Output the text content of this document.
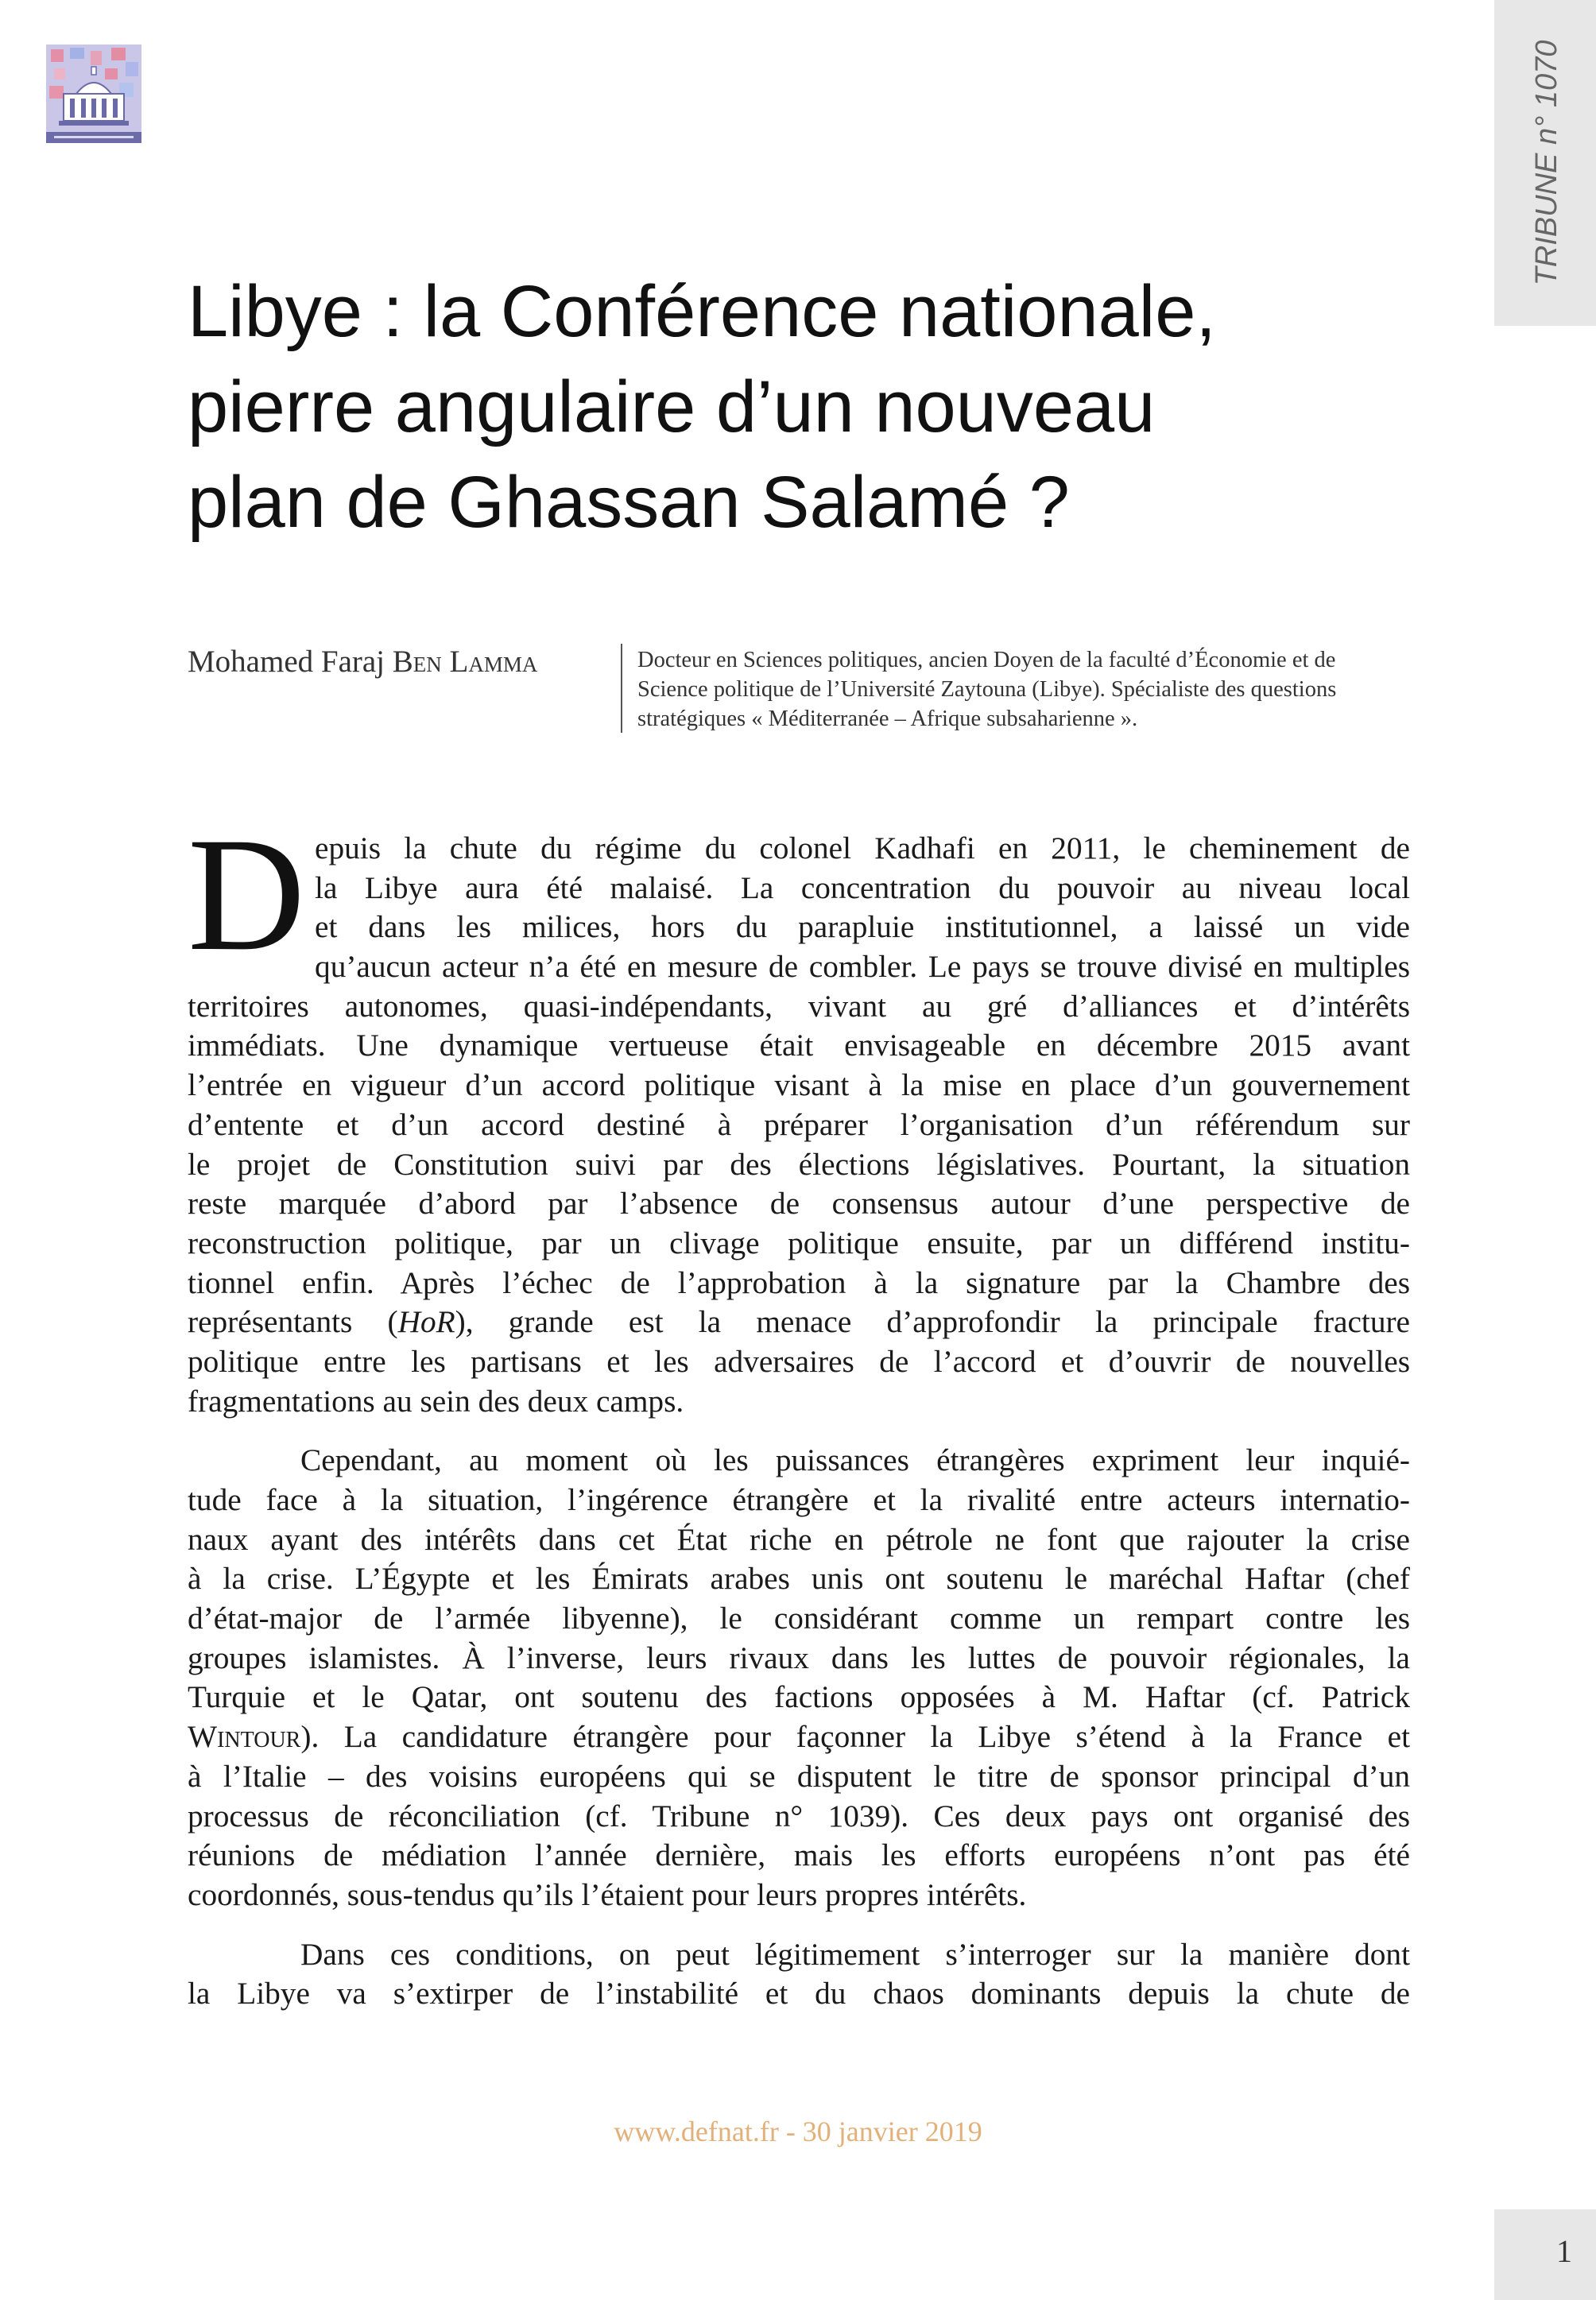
TRIBUNE n° 1070
Libye : la Conférence nationale,
pierre angulaire d’un nouveau
plan de Ghassan Salamé ?
Mohamed Faraj Ben Lamma	Docteur en Sciences politiques, ancien Doyen de la faculté d’Économie et de
Science politique de l’Université Zaytouna (Libye). Spécialiste des questions
stratégiques « Méditerranée – Afrique subsaharienne ».
D epuis la chute du régime du colonel Kadhafi en 2011, le cheminement de
la Libye aura été malaisé. La concentration du pouvoir au niveau local
et dans les milices, hors du parapluie institutionnel, a laissé un vide
qu’aucun acteur n’a été en mesure de combler. Le pays se trouve divisé en multiples
territoires autonomes, quasi-indépendants, vivant au gré d’alliances et d’intérêts
immédiats. Une dynamique vertueuse était envisageable en décembre 2015 avant
l’entrée en vigueur d’un accord politique visant à la mise en place d’un gouvernement
d’entente et d’un accord destiné à préparer l’organisation d’un référendum sur
le projet de Constitution suivi par des élections législatives. Pourtant, la situation
reste marquée d’abord par l’absence de consensus autour d’une perspective de
reconstruction politique, par un clivage politique ensuite, par un différend institu-
tionnel enfin. Après l’échec de l’approbation à la signature par la Chambre des
représentants (HoR), grande est la menace d’approfondir la principale fracture
politique entre les partisans et les adversaires de l’accord et d’ouvrir de nouvelles
fragmentations au sein des deux camps.
Cependant, au moment où les puissances étrangères expriment leur inquié-
tude face à la situation, l’ingérence étrangère et la rivalité entre acteurs internatio-
naux ayant des intérêts dans cet État riche en pétrole ne font que rajouter la crise
à la crise. L’Égypte et les Émirats arabes unis ont soutenu le maréchal Haftar (chef
d’état-major de l’armée libyenne), le considérant comme un rempart contre les
groupes islamistes. À l’inverse, leurs rivaux dans les luttes de pouvoir régionales, la
Turquie et le Qatar, ont soutenu des factions opposées à M. Haftar (cf. Patrick
Wintour). La candidature étrangère pour façonner la Libye s’étend à la France et
à l’Italie – des voisins européens qui se disputent le titre de sponsor principal d’un
processus de réconciliation (cf. Tribune n° 1039). Ces deux pays ont organisé des
réunions de médiation l’année dernière, mais les efforts européens n’ont pas été
coordonnés, sous-tendus qu’ils l’étaient pour leurs propres intérêts.
Dans ces conditions, on peut légitimement s’interroger sur la manière dont
la Libye va s’extirper de l’instabilité et du chaos dominants depuis la chute de
www.defnat.fr - 30 janvier 2019
1
